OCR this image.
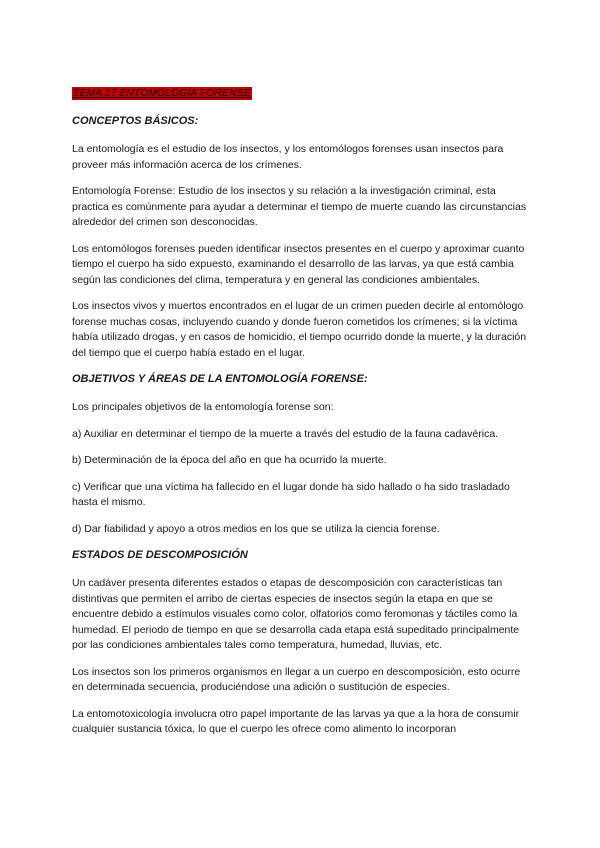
TEMA 17 ENTOMOLOGÍA FORENSE
CONCEPTOS BÁSICOS:

La entomología es el estudio de los insectos, y los entomólogos forenses usan insectos para proveer más información acerca de los crímenes.

Entomología Forense: Estudio de los insectos y su relación a la investigación criminal, esta practica es comúnmente para ayudar a determinar el tiempo de muerte cuando las circunstancias alrededor del crimen son desconocidas.

Los entomólogos forenses pueden identificar insectos presentes en el cuerpo y aproximar cuanto tiempo el cuerpo ha sido expuesto, examinando el desarrollo de las larvas, ya que está cambia según las condiciones del clima, temperatura y en general las condiciones ambientales.

Los insectos vivos y muertos encontrados en el lugar de un crimen pueden decirle al entomólogo forense muchas cosas, incluyendo cuando y donde fueron cometidos los crímenes; si la víctima había utilizado drogas, y en casos de homicidio, el tiempo ocurrido donde la muerte, y la duración del tiempo que el cuerpo había estado en el lugar.

OBJETIVOS Y ÁREAS DE LA ENTOMOLOGÍA FORENSE:

Los principales objetivos de la entomología forense son:

a) Auxiliar en determinar el tiempo de la muerte a través del estudio de la fauna cadavérica.

b) Determinación de la época del año en que ha ocurrido la muerte.

c) Verificar que una víctima ha fallecido en el lugar donde ha sido hallado o ha sido trasladado hasta el mismo.

d) Dar fiabilidad y apoyo a otros medios en los que se utiliza la ciencia forense.

ESTADOS DE DESCOMPOSICIÓN

Un cadáver presenta diferentes estados o etapas de descomposición con características tan distintivas que permiten el arribo de ciertas especies de insectos según la etapa en que se encuentre debido a estímulos visuales como color, olfatorios como feromonas y táctiles como la humedad. El periodo de tiempo en que se desarrolla cada etapa está supeditado principalmente por las condiciones ambientales tales como temperatura, humedad, lluvias, etc.

Los insectos son los primeros organismos en llegar a un cuerpo en descomposición, esto ocurre en determinada secuencia, produciéndose una adición o sustitución de especies.

La entomotoxicología involucra otro papel importante de las larvas ya que a la hora de consumir cualquier sustancia tóxica, lo que el cuerpo les ofrece como alimento lo incorporan
